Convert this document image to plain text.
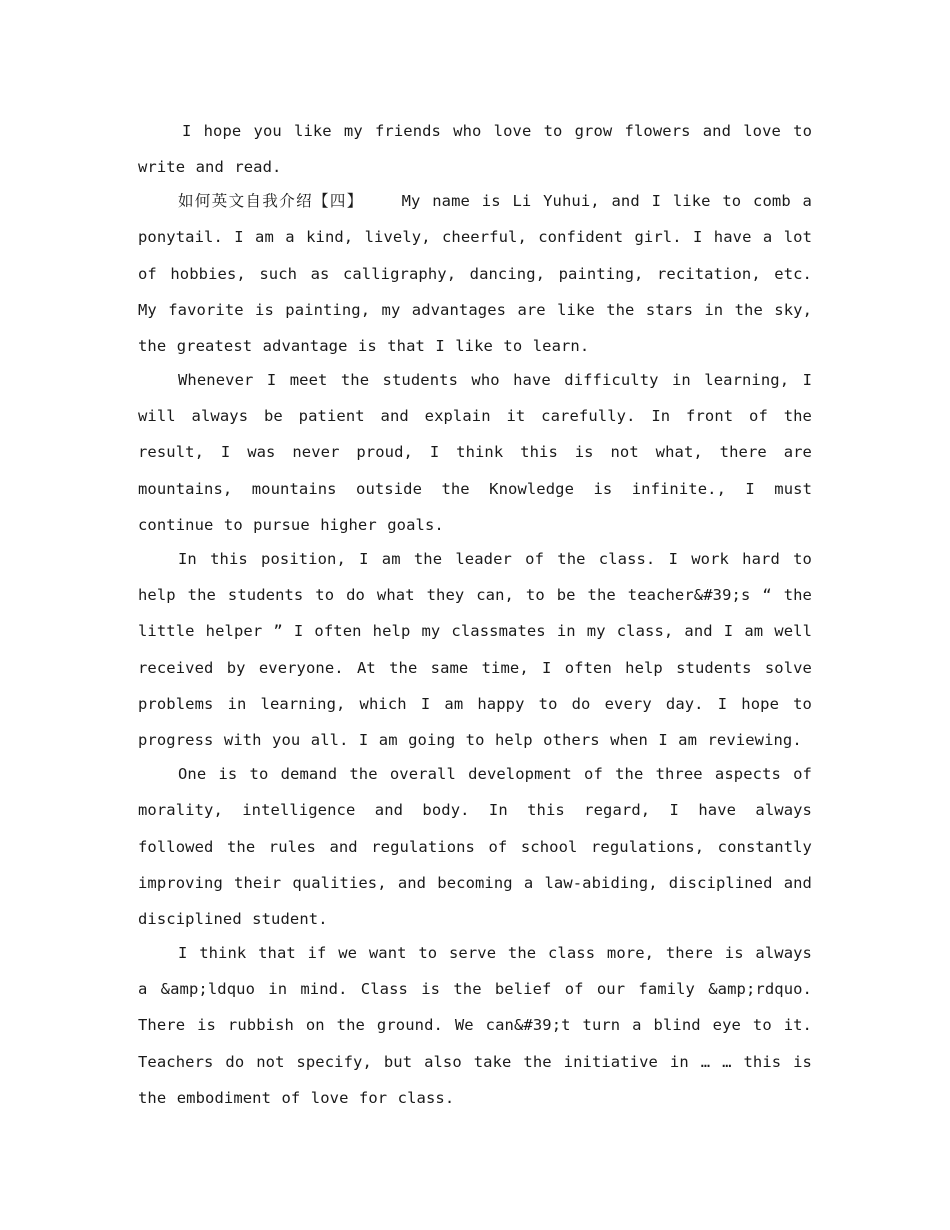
I hope you like my friends who love to grow flowers and love to write and read.

如何英文自我介绍【四】 My name is Li Yuhui, and I like to comb a ponytail. I am a kind, lively, cheerful, confident girl. I have a lot of hobbies, such as calligraphy, dancing, painting, recitation, etc. My favorite is painting, my advantages are like the stars in the sky, the greatest advantage is that I like to learn.

Whenever I meet the students who have difficulty in learning, I will always be patient and explain it carefully. In front of the result, I was never proud, I think this is not what, there are mountains, mountains outside the Knowledge is infinite., I must continue to pursue higher goals.

In this position, I am the leader of the class. I work hard to help the students to do what they can, to be the teacher&#39;s “ the little helper ” I often help my classmates in my class, and I am well received by everyone. At the same time, I often help students solve problems in learning, which I am happy to do every day. I hope to progress with you all. I am going to help others when I am reviewing.

One is to demand the overall development of the three aspects of morality, intelligence and body. In this regard, I have always followed the rules and regulations of school regulations, constantly improving their qualities, and becoming a law-abiding, disciplined and disciplined student.

I think that if we want to serve the class more, there is always a &amp;ldquo in mind. Class is the belief of our family &amp;rdquo. There is rubbish on the ground. We can&#39;t turn a blind eye to it. Teachers do not specify, but also take the initiative in … … this is the embodiment of love for class.
